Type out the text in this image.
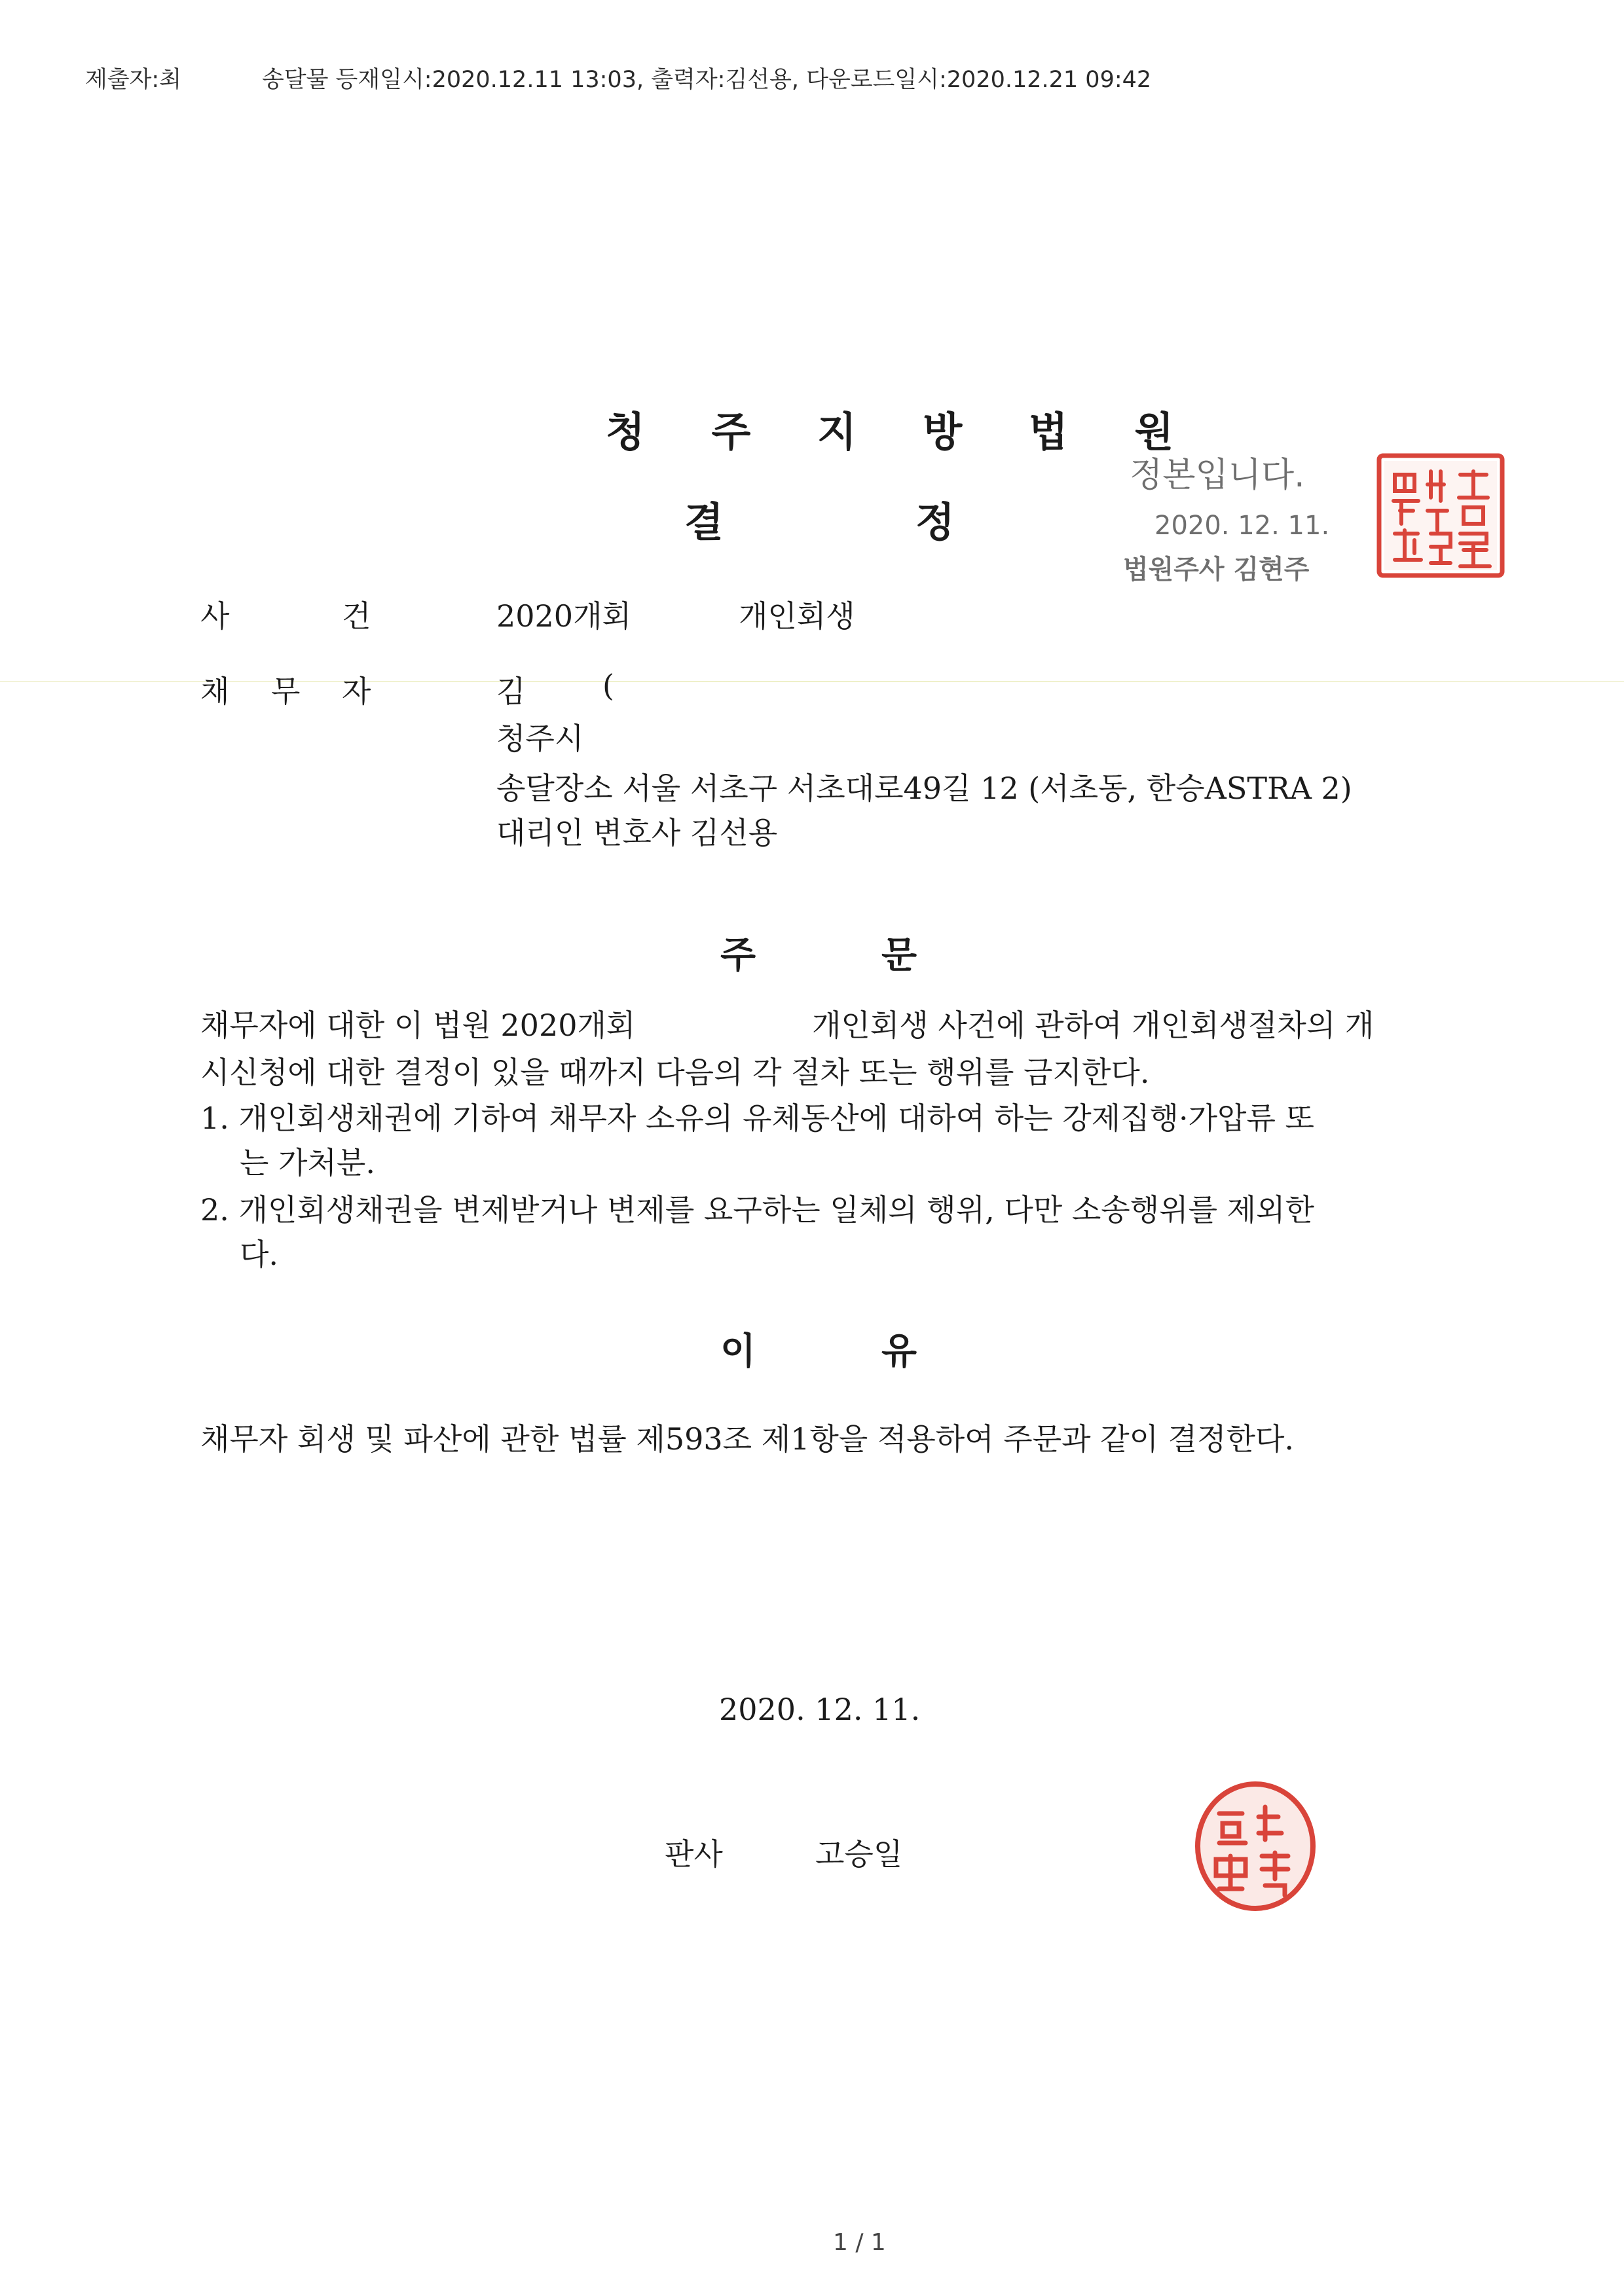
제출자:최	송달물 등재일시:2020.12.11 13:03, 출력자:김선용, 다운로드일시:2020.12.21 09:42
청 주 지 방 법 원
결	정
정본입니다.
2020. 12. 11.
법원주사 김현주
사	건	2020개회	개인회생
채 무 자	김	(
청주시
송달장소 서울 서초구 서초대로49길 12 (서초동, 한승ASTRA 2)
대리인 변호사 김선용
주	문
채무자에 대한 이 법원 2020개회	개인회생 사건에 관하여 개인회생절차의 개
시신청에 대한 결정이 있을 때까지 다음의 각 절차 또는 행위를 금지한다.
1. 개인회생채권에 기하여 채무자 소유의 유체동산에 대하여 하는 강제집행·가압류 또
는 가처분.
2. 개인회생채권을 변제받거나 변제를 요구하는 일체의 행위, 다만 소송행위를 제외한
다.
이	유
채무자 회생 및 파산에 관한 법률 제593조 제1항을 적용하여 주문과 같이 결정한다.
2020. 12. 11.
판사	고승일
1 / 1
